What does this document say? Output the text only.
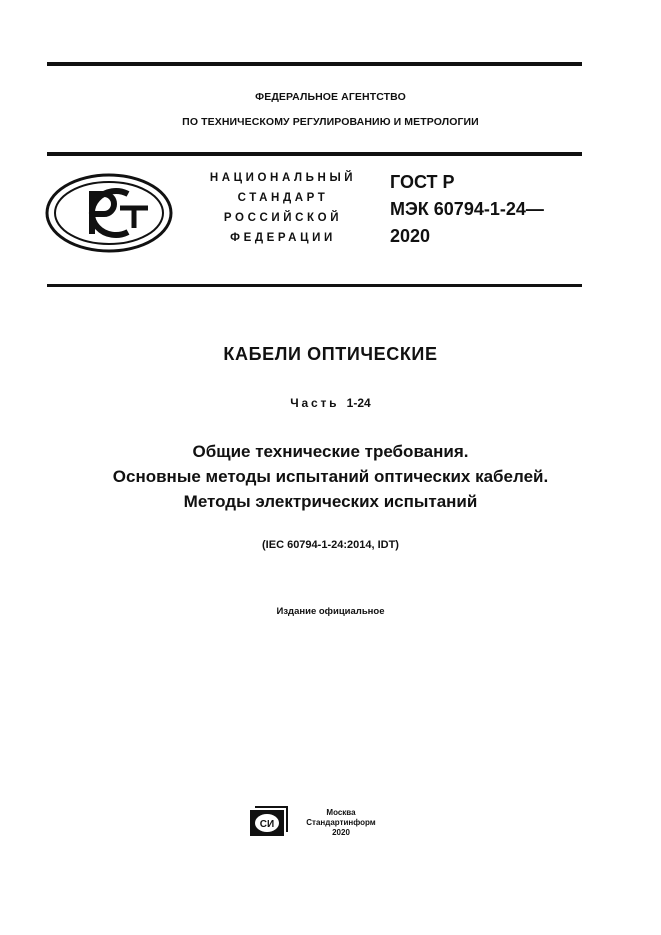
ФЕДЕРАЛЬНОЕ АГЕНТСТВО
ПО ТЕХНИЧЕСКОМУ РЕГУЛИРОВАНИЮ И МЕТРОЛОГИИ
НАЦИОНАЛЬНЫЙ
СТАНДАРТ
РОССИЙСКОЙ
ФЕДЕРАЦИИ
ГОСТ Р
МЭК 60794-1-24—
2020
КАБЕЛИ ОПТИЧЕСКИЕ
Часть 1-24
Общие технические требования.
Основные методы испытаний оптических кабелей.
Методы электрических испытаний
(IEC 60794-1-24:2014, IDT)
Издание официальное
СИ
Москва
Стандартинформ
2020
